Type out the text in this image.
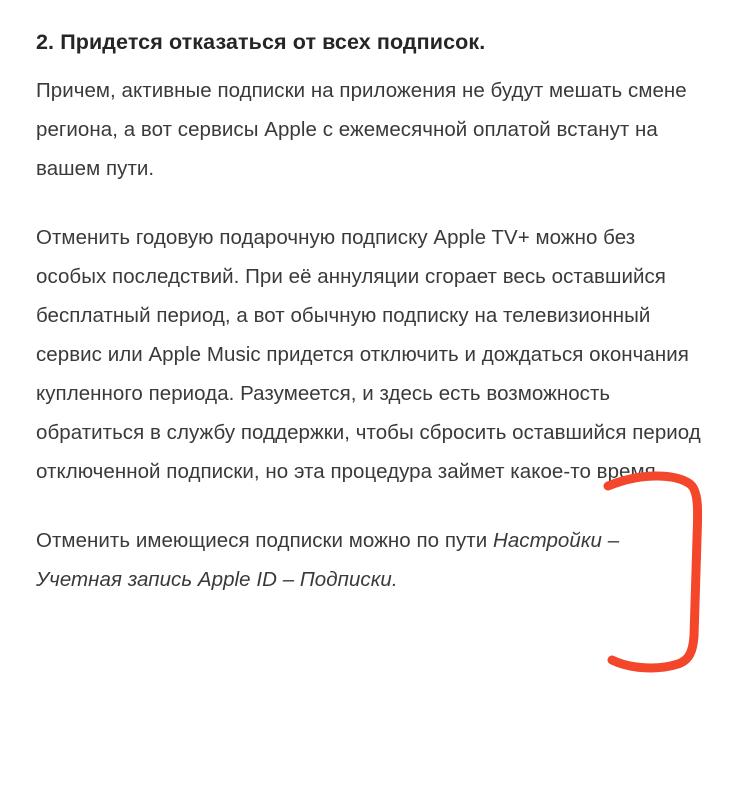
2. Придется отказаться от всех подписок.

Причем, активные подписки на приложения не будут мешать смене региона, а вот сервисы Apple с ежемесячной оплатой встанут на вашем пути.

Отменить годовую подарочную подписку Apple TV+ можно без особых последствий. При её аннуляции сгорает весь оставшийся бесплатный период, а вот обычную подписку на телевизионный сервис или Apple Music придется отключить и дождаться окончания купленного периода. Разумеется, и здесь есть возможность обратиться в службу поддержки, чтобы сбросить оставшийся период отключенной подписки, но эта процедура займет какое-то время.

Отменить имеющиеся подписки можно по пути Настройки – Учетная запись Apple ID – Подписки.
